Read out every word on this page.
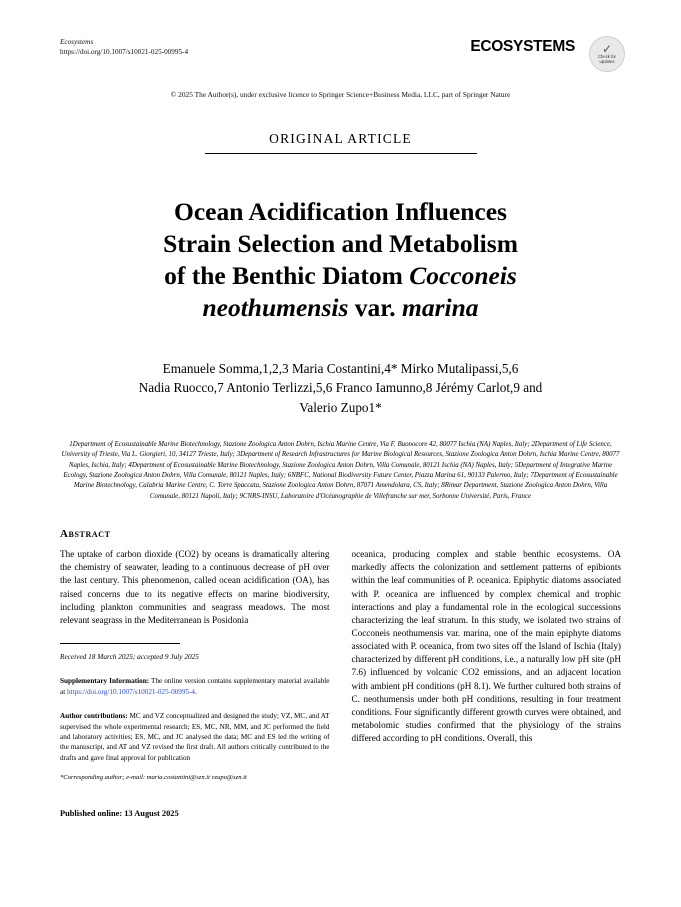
Ecosystems
https://doi.org/10.1007/s10021-025-00995-4	ECOSYSTEMS ✓
Check for
updates
© 2025 The Author(s), under exclusive licence to Springer Science+Business Media, LLC, part of Springer Nature
ORIGINAL ARTICLE
Ocean Acidification Influences
Strain Selection and Metabolism
of the Benthic Diatom Cocconeis
neothumensis var. marina
Emanuele Somma,1,2,3 Maria Costantini,4* Mirko Mutalipassi,5,6
Nadia Ruocco,7 Antonio Terlizzi,5,6 Franco Iamunno,8 Jérémy Carlot,9 and
Valerio Zupo1*
1Department of Ecosustainable Marine Biotechnology, Stazione Zoologica Anton Dohrn, Ischia Marine Centre, Via F. Buonocore 42, 80077 Ischia (NA) Naples, Italy; 2Department of Life Science, University of Trieste, Via L. Giorgieri, 10, 34127 Trieste, Italy; 3Department of Research Infrastructures for Marine Biological Resources, Stazione Zoologica Anton Dohrn, Ischia Marine Centre, 80077 Naples, Ischia, Italy; 4Department of Ecosustainable Marine Biotechnology, Stazione Zoologica Anton Dohrn, Villa Comunale, 80121 Ischia (NA) Naples, Italy; 5Department of Integrative Marine Ecology, Stazione Zoologica Anton Dohrn, Villa Comunale, 80121 Naples, Italy; 6NBFC, National Biodiversity Future Center, Piazza Marina 61, 90133 Palermo, Italy; 7Department of Ecosustainable Marine Biotechnology, Calabria Marine Centre, C. Torre Spaccata, Stazione Zoologica Anton Dohrn, 87071 Amendolara, CS, Italy; 8Rimar Department, Stazione Zoologica Anton Dohrn, Villa Comunale, 80121 Napoli, Italy; 9CNRS-INSU, Laboratoire d'Océanographie de Villefranche sur mer, Sorbonne Université, Paris, France
Abstract

The uptake of carbon dioxide (CO2) by oceans is dramatically altering the chemistry of seawater, leading to a continuous decrease of pH over the last century. This phenomenon, called ocean acidification (OA), has raised concerns due to its negative effects on marine biodiversity, including plankton communities and seagrass meadows. The most relevant seagrass in the Mediterranean is Posidonia

Received 18 March 2025; accepted 9 July 2025
Supplementary Information: The online version contains supplementary material available at https://doi.org/10.1007/s10021-025-00995-4.
Author contributions: MC and VZ conceptualized and designed the study; VZ, MC, and AT supervised the whole experimental research; ES, MC, NR, MM, and JC performed the field and laboratory activities; ES, MC, and JC analysed the data; MC and ES led the writing of the manuscript, and AT and VZ revised the first draft. All authors critically contributed to the drafts and gave final approval for publication
*Corresponding author; e-mail: maria.costantini@szn.it vzupo@szn.it
Published online: 13 August 2025

oceanica, producing complex and stable benthic ecosystems. OA markedly affects the colonization and settlement patterns of epibionts within the leaf communities of P. oceanica. Epiphytic diatoms associated with P. oceanica are influenced by complex chemical and trophic interactions and play a fundamental role in the ecological successions characterizing the leaf stratum. In this study, we isolated two strains of Cocconeis neothumensis var. marina, one of the main epiphyte diatoms associated with P. oceanica, from two sites off the Island of Ischia (Italy) characterized by different pH conditions, i.e., a naturally low pH site (pH 7.6) influenced by volcanic CO2 emissions, and an adjacent location with ambient pH conditions (pH 8.1). We further cultured both strains of C. neothumensis under both pH conditions, resulting in four treatment conditions. Four significantly different growth curves were obtained, and metabolomic studies confirmed that the physiology of the strains differed according to pH conditions. Overall, this
